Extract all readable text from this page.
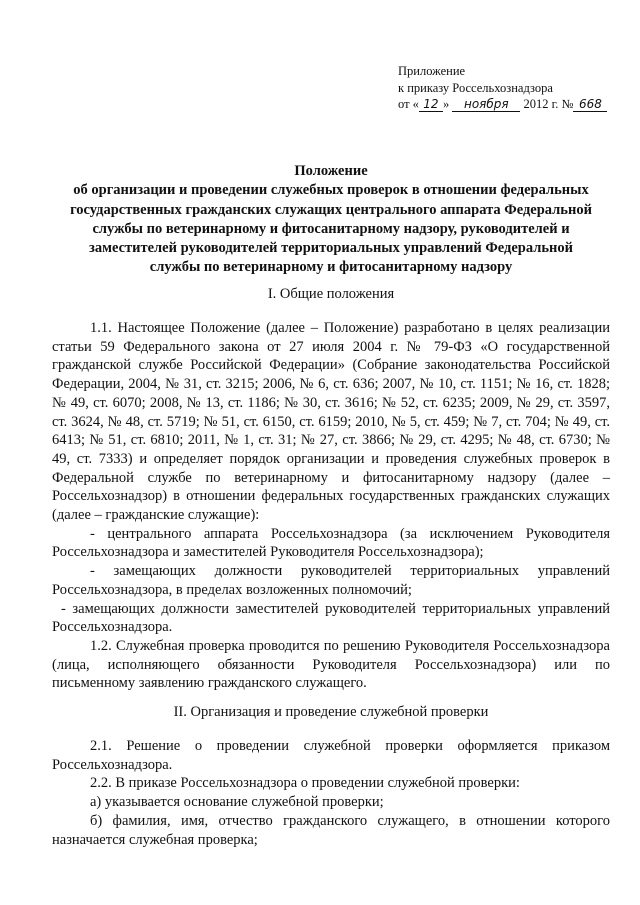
Приложение
к приказу Россельхознадзора
от « 12 » ноября 2012 г. № 668
Положение
об организации и проведении служебных проверок в отношении федеральных
государственных гражданских служащих центрального аппарата Федеральной
службы по ветеринарному и фитосанитарному надзору, руководителей и
заместителей руководителей территориальных управлений Федеральной
службы по ветеринарному и фитосанитарному надзору
I. Общие положения

1.1. Настоящее Положение (далее – Положение) разработано в целях реализации статьи 59 Федерального закона от 27 июля 2004 г. № 79-ФЗ «О государственной гражданской службе Российской Федерации» (Собрание законодательства Российской Федерации, 2004, № 31, ст. 3215; 2006, № 6, ст. 636; 2007, № 10, ст. 1151; № 16, ст. 1828; № 49, ст. 6070; 2008, № 13, ст. 1186; № 30, ст. 3616; № 52, ст. 6235; 2009, № 29, ст. 3597, ст. 3624, № 48, ст. 5719; № 51, ст. 6150, ст. 6159; 2010, № 5, ст. 459; № 7, ст. 704; № 49, ст. 6413; № 51, ст. 6810; 2011, № 1, ст. 31; № 27, ст. 3866; № 29, ст. 4295; № 48, ст. 6730; № 49, ст. 7333) и определяет порядок организации и проведения служебных проверок в Федеральной службе по ветеринарному и фитосанитарному надзору (далее – Россельхознадзор) в отношении федеральных государственных гражданских служащих (далее – гражданские служащие):

- центрального аппарата Россельхознадзора (за исключением Руководителя Россельхознадзора и заместителей Руководителя Россельхознадзора);

- замещающих должности руководителей территориальных управлений Россельхознадзора, в пределах возложенных полномочий;

- замещающих должности заместителей руководителей территориальных управлений Россельхознадзора.

1.2. Служебная проверка проводится по решению Руководителя Россельхознадзора (лица, исполняющего обязанности Руководителя Россельхознадзора) или по письменному заявлению гражданского служащего.

II. Организация и проведение служебной проверки

2.1. Решение о проведении служебной проверки оформляется приказом Россельхознадзора.

2.2. В приказе Россельхознадзора о проведении служебной проверки:

а) указывается основание служебной проверки;

б) фамилия, имя, отчество гражданского служащего, в отношении которого назначается служебная проверка;
